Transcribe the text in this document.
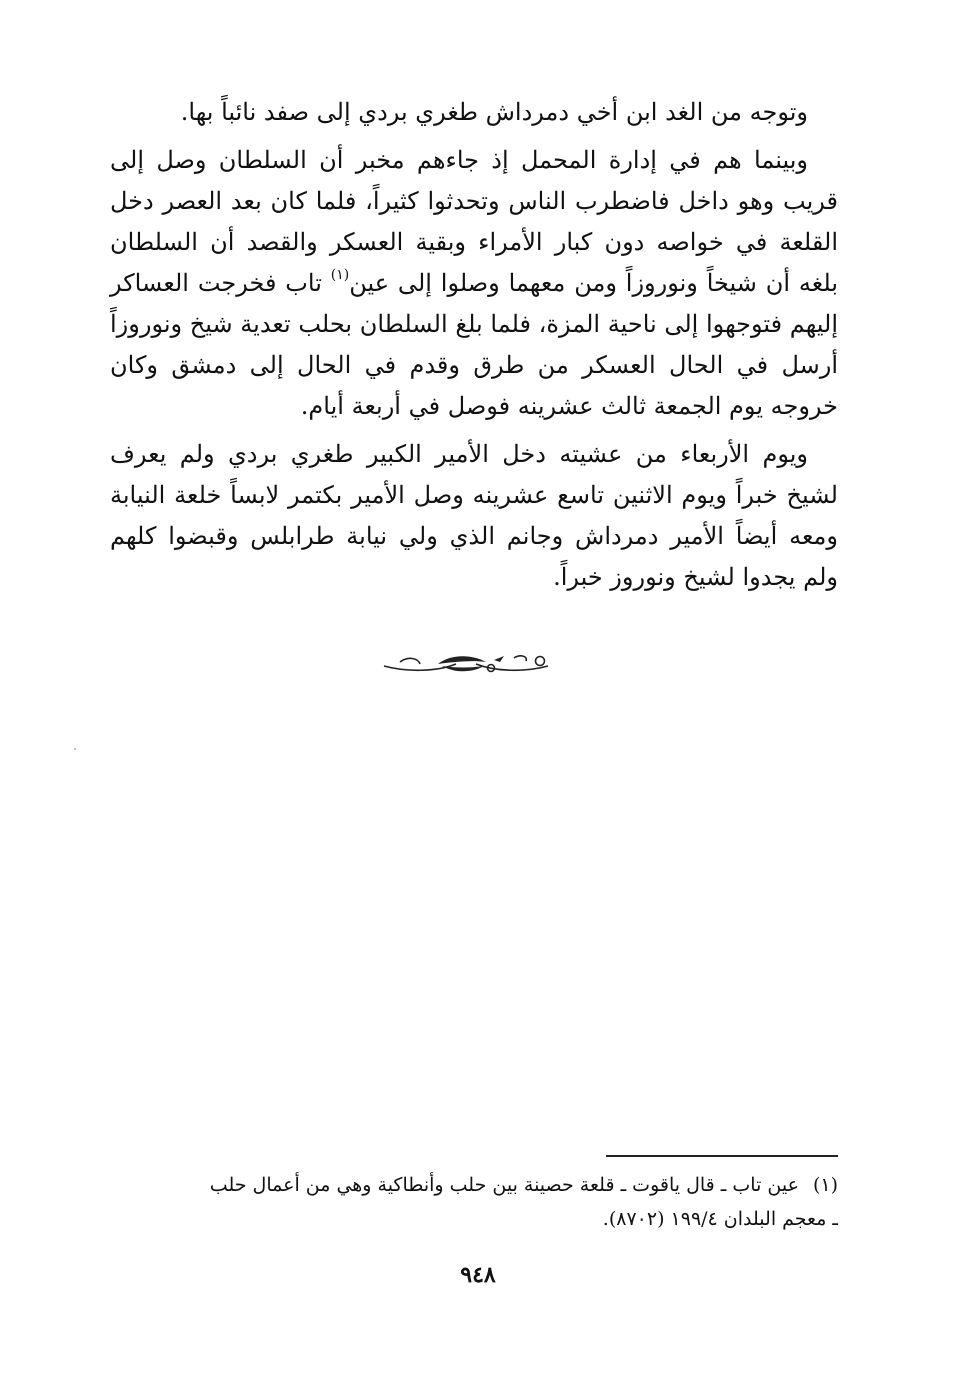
وتوجه من الغد ابن أخي دمرداش طغري بردي إلى صفد نائباً بها.

وبينما هم في إدارة المحمل إذ جاءهم مخبر أن السلطان وصل إلى قريب وهو داخل فاضطرب الناس وتحدثوا كثيراً، فلما كان بعد العصر دخل القلعة في خواصه دون كبار الأمراء وبقية العسكر والقصد أن السلطان بلغه أن شيخاً ونوروزاً ومن معهما وصلوا إلى عين$^{(١)}$ تاب فخرجت العساكر إليهم فتوجهوا إلى ناحية المزة، فلما بلغ السلطان بحلب تعدية شيخ ونوروزاً أرسل في الحال العسكر من طرق وقدم في الحال إلى دمشق وكان خروجه يوم الجمعة ثالث عشرينه فوصل في أربعة أيام.

ويوم الأربعاء من عشيته دخل الأمير الكبير طغري بردي ولم يعرف لشيخ خبراً ويوم الاثنين تاسع عشرينه وصل الأمير بكتمر لابساً خلعة النيابة ومعه أيضاً الأمير دمرداش وجانم الذي ولي نيابة طرابلس وقبضوا كلهم ولم يجدوا لشيخ ونوروز خبراً.

(١)عين تاب ـ قال ياقوت ـ قلعة حصينة بين حلب وأنطاكية وهي من أعمال حلب

ـ معجم البلدان ١٩٩/٤ (٨٧٠٢).

٩٤٨
